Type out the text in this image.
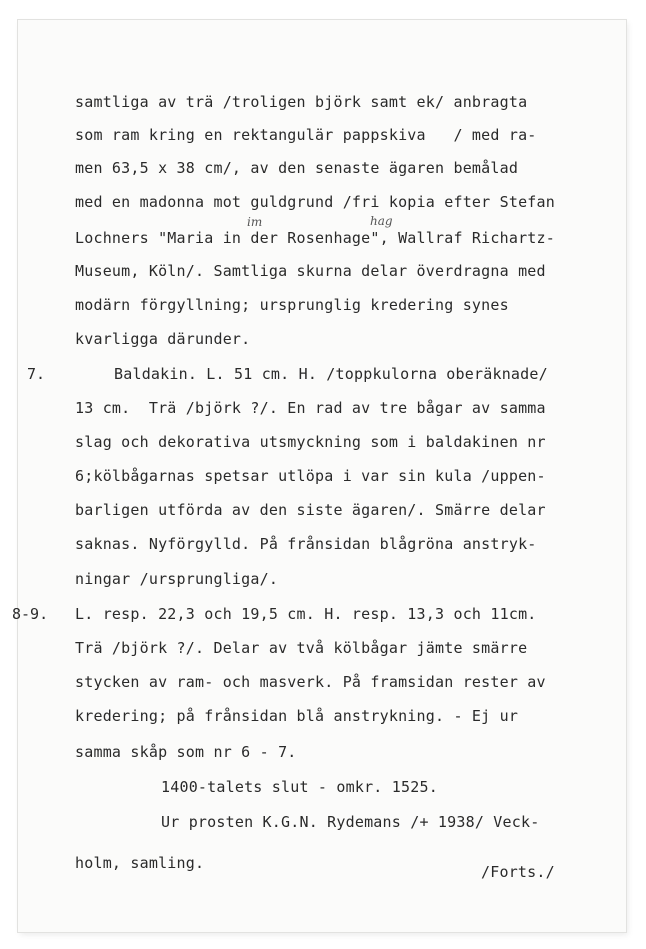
samtliga av trä /troligen björk samt ek/ anbragta
som ram kring en rektangulär pappskiva   / med ra-
men 63,5 x 38 cm/, av den senaste ägaren bemålad
med en madonna mot guldgrund /fri kopia efter Stefan
im	hag
Lochners "Maria in der Rosenhage", Wallraf Richartz-
Museum, Köln/. Samtliga skurna delar överdragna med
modärn förgyllning; ursprunglig kredering synes
kvarligga därunder.
7.	Baldakin. L. 51 cm. H. /toppkulorna oberäknade/
13 cm.  Trä /björk ?/. En rad av tre bågar av samma
slag och dekorativa utsmyckning som i baldakinen nr
6;kölbågarnas spetsar utlöpa i var sin kula /uppen-
barligen utförda av den siste ägaren/. Smärre delar
saknas. Nyförgylld. På frånsidan blågröna anstryk-
ningar /ursprungliga/.
8-9. L. resp. 22,3 och 19,5 cm. H. resp. 13,3 och 11cm.
Trä /björk ?/. Delar av två kölbågar jämte smärre
stycken av ram- och masverk. På framsidan rester av
kredering; på frånsidan blå anstrykning. - Ej ur
samma skåp som nr 6 - 7.
1400-talets slut - omkr. 1525.
Ur prosten K.G.N. Rydemans /+ 1938/ Veck-
holm, samling.	/Forts./
